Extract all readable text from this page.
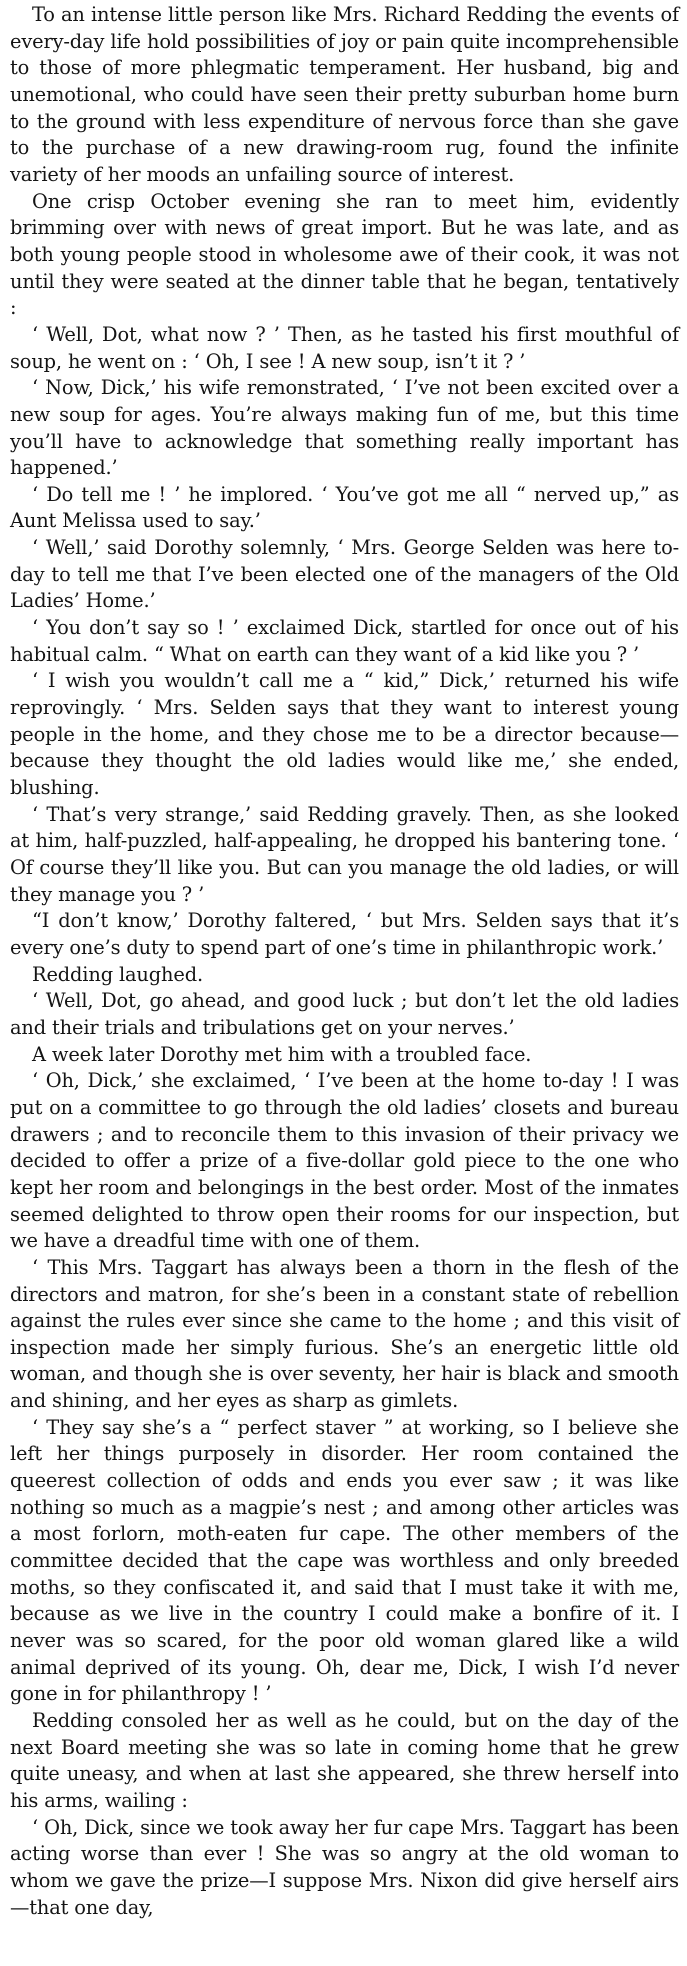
To an intense little person like Mrs. Richard Redding the events of every-day life hold possibilities of joy or pain quite incomprehensible to those of more phlegmatic temperament. Her husband, big and unemotional, who could have seen their pretty suburban home burn to the ground with less expenditure of nervous force than she gave to the purchase of a new drawing-room rug, found the infinite variety of her moods an unfailing source of interest.

One crisp October evening she ran to meet him, evidently brimming over with news of great import. But he was late, and as both young people stood in wholesome awe of their cook, it was not until they were seated at the dinner table that he began, tentatively :

‘ Well, Dot, what now ? ’ Then, as he tasted his first mouthful of soup, he went on : ‘ Oh, I see ! A new soup, isn’t it ? ’

‘ Now, Dick,’ his wife remonstrated, ‘ I’ve not been excited over a new soup for ages. You’re always making fun of me, but this time you’ll have to acknowledge that something really important has happened.’

‘ Do tell me ! ’ he implored. ‘ You’ve got me all “ nerved up,” as Aunt Melissa used to say.’

‘ Well,’ said Dorothy solemnly, ‘ Mrs. George Selden was here to-day to tell me that I’ve been elected one of the managers of the Old Ladies’ Home.’

‘ You don’t say so ! ’ exclaimed Dick, startled for once out of his habitual calm. “ What on earth can they want of a kid like you ? ’

‘ I wish you wouldn’t call me a “ kid,” Dick,’ returned his wife reprovingly. ‘ Mrs. Selden says that they want to interest young people in the home, and they chose me to be a director because—because they thought the old ladies would like me,’ she ended, blushing.

‘ That’s very strange,’ said Redding gravely. Then, as she looked at him, half-puzzled, half-appealing, he dropped his bantering tone. ‘ Of course they’ll like you. But can you manage the old ladies, or will they manage you ? ’

“I don’t know,’ Dorothy faltered, ‘ but Mrs. Selden says that it’s every one’s duty to spend part of one’s time in philanthropic work.’

Redding laughed.

‘ Well, Dot, go ahead, and good luck ; but don’t let the old ladies and their trials and tribulations get on your nerves.’

A week later Dorothy met him with a troubled face.

‘ Oh, Dick,’ she exclaimed, ‘ I’ve been at the home to-day ! I was put on a committee to go through the old ladies’ closets and bureau drawers ; and to reconcile them to this invasion of their privacy we decided to offer a prize of a five-dollar gold piece to the one who kept her room and belongings in the best order. Most of the inmates seemed delighted to throw open their rooms for our inspection, but we have a dreadful time with one of them.

‘ This Mrs. Taggart has always been a thorn in the flesh of the directors and matron, for she’s been in a constant state of rebellion against the rules ever since she came to the home ; and this visit of inspection made her simply furious. She’s an energetic little old woman, and though she is over seventy, her hair is black and smooth and shining, and her eyes as sharp as gimlets.

‘ They say she’s a “ perfect staver ” at working, so I believe she left her things purposely in disorder. Her room contained the queerest collection of odds and ends you ever saw ; it was like nothing so much as a magpie’s nest ; and among other articles was a most forlorn, moth-eaten fur cape. The other members of the committee decided that the cape was worthless and only breeded moths, so they confiscated it, and said that I must take it with me, because as we live in the country I could make a bonfire of it. I never was so scared, for the poor old woman glared like a wild animal deprived of its young. Oh, dear me, Dick, I wish I’d never gone in for philanthropy ! ’

Redding consoled her as well as he could, but on the day of the next Board meeting she was so late in coming home that he grew quite uneasy, and when at last she appeared, she threw herself into his arms, wailing :

‘ Oh, Dick, since we took away her fur cape Mrs. Taggart has been acting worse than ever ! She was so angry at the old woman to whom we gave the prize—I suppose Mrs. Nixon did give herself airs—that one day,
